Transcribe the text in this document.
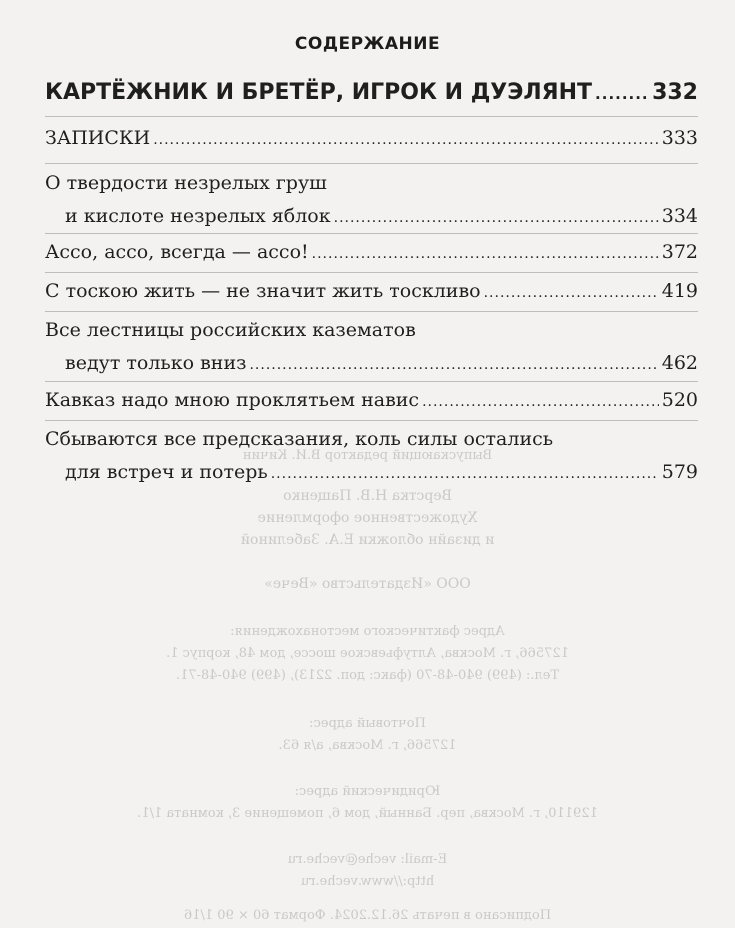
Художественное оформление
Верстка Н.В. Пащенко
и дизайн обложки Е.А. Забелиной
ООО «Издательство «Вече»
Адрес фактического местонахождения:
127566, г. Москва, Алтуфьевское шоссе, дом 48, корпус 1.
Тел.: (499) 940-48-70 (факс: доп. 2213), (499) 940-48-71.
Почтовый адрес:
127566, г. Москва, а/я 63.
Юридический адрес:
129110, г. Москва, пер. Банный, дом 6, помещение 3, комната 1/1.
E-mail: veche@veche.ru
http://www.veche.ru
Подписано в печать 26.12.2024. Формат 60 × 90 1/16
Выпускающий редактор В.И. Кичин
СОДЕРЖАНИЕ
КАРТЁЖНИК И БРЕТЁР, ИГРОК И ДУЭЛЯНТ .....	332
ЗАПИСКИ .....	333
О твердости незрелых груш
и кислоте незрелых яблок .....	334
Ассо, ассо, всегда — ассо! .....	372
С тоскою жить — не значит жить тоскливо .....	419
Все лестницы российских казематов
ведут только вниз .....	462
Кавказ надо мною проклятьем навис .....	520
Сбываются все предсказания, коль силы остались
для встреч и потерь .....	579
